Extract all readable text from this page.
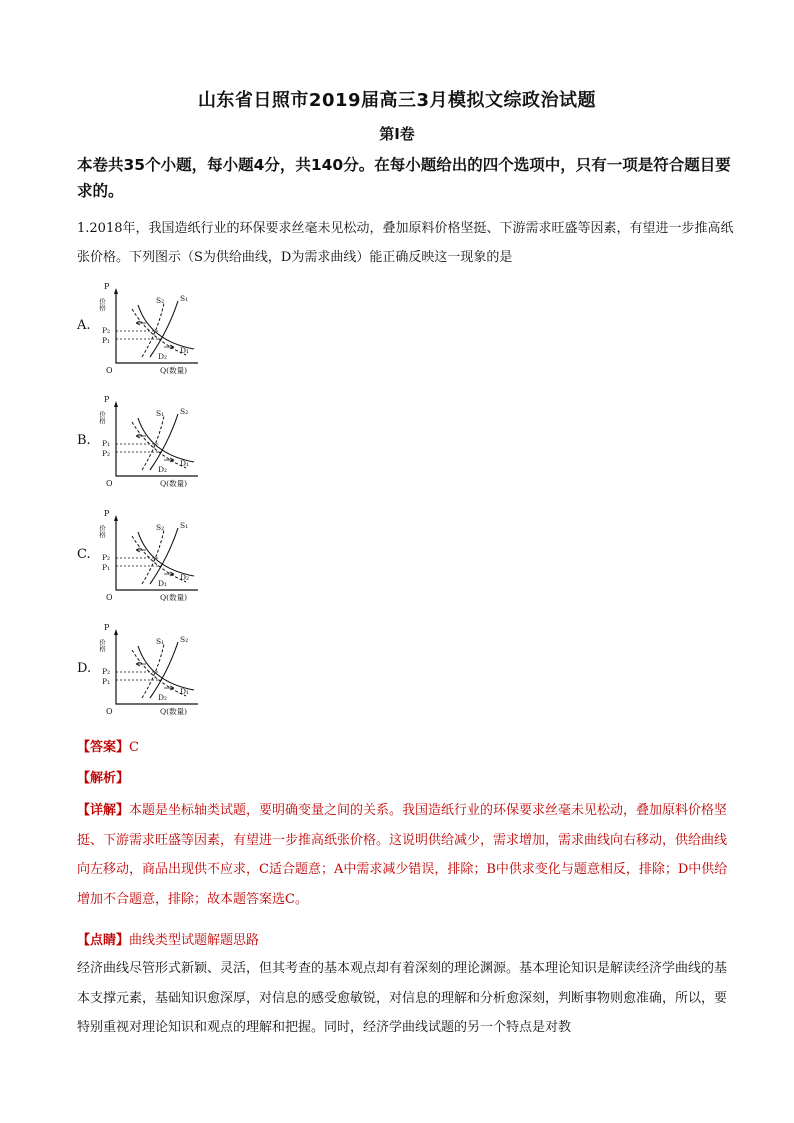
山东省日照市2019届高三3月模拟文综政治试题
第Ⅰ卷
本卷共35个小题，每小题4分，共140分。在每小题给出的四个选项中，只有一项是符合题目要求的。
1.2018年，我国造纸行业的环保要求丝毫未见松动，叠加原料价格坚挺、下游需求旺盛等因素，有望进一步推高纸张价格。下列图示（S为供给曲线，D为需求曲线）能正确反映这一现象的是
A.
P
价格
O	Q(数量)
P₂
P₁
S₂ S₁
D₂
D₁
B.
P
价格
O	Q(数量)
P₁
P₂
S₁ S₂
D₂
D₁
C.
P
价格
O	Q(数量)
P₂
P₁
S₂ S₁
D₁
D₂
D.
P
价格
O	Q(数量)
P₂
P₁
S₁ S₂
D₂
D₁
【答案】C
【解析】
【详解】本题是坐标轴类试题，要明确变量之间的关系。我国造纸行业的环保要求丝毫未见松动，叠加原料价格坚挺、下游需求旺盛等因素，有望进一步推高纸张价格。这说明供给减少，需求增加，需求曲线向右移动，供给曲线向左移动，商品出现供不应求，C适合题意；A中需求减少错误，排除；B中供求变化与题意相反，排除；D中供给增加不合题意，排除；故本题答案选C。
【点睛】曲线类型试题解题思路
经济曲线尽管形式新颖、灵活，但其考查的基本观点却有着深刻的理论渊源。基本理论知识是解读经济学曲线的基本支撑元素，基础知识愈深厚，对信息的感受愈敏锐，对信息的理解和分析愈深刻，判断事物则愈准确，所以，要特别重视对理论知识和观点的理解和把握。同时，经济学曲线试题的另一个特点是对教
